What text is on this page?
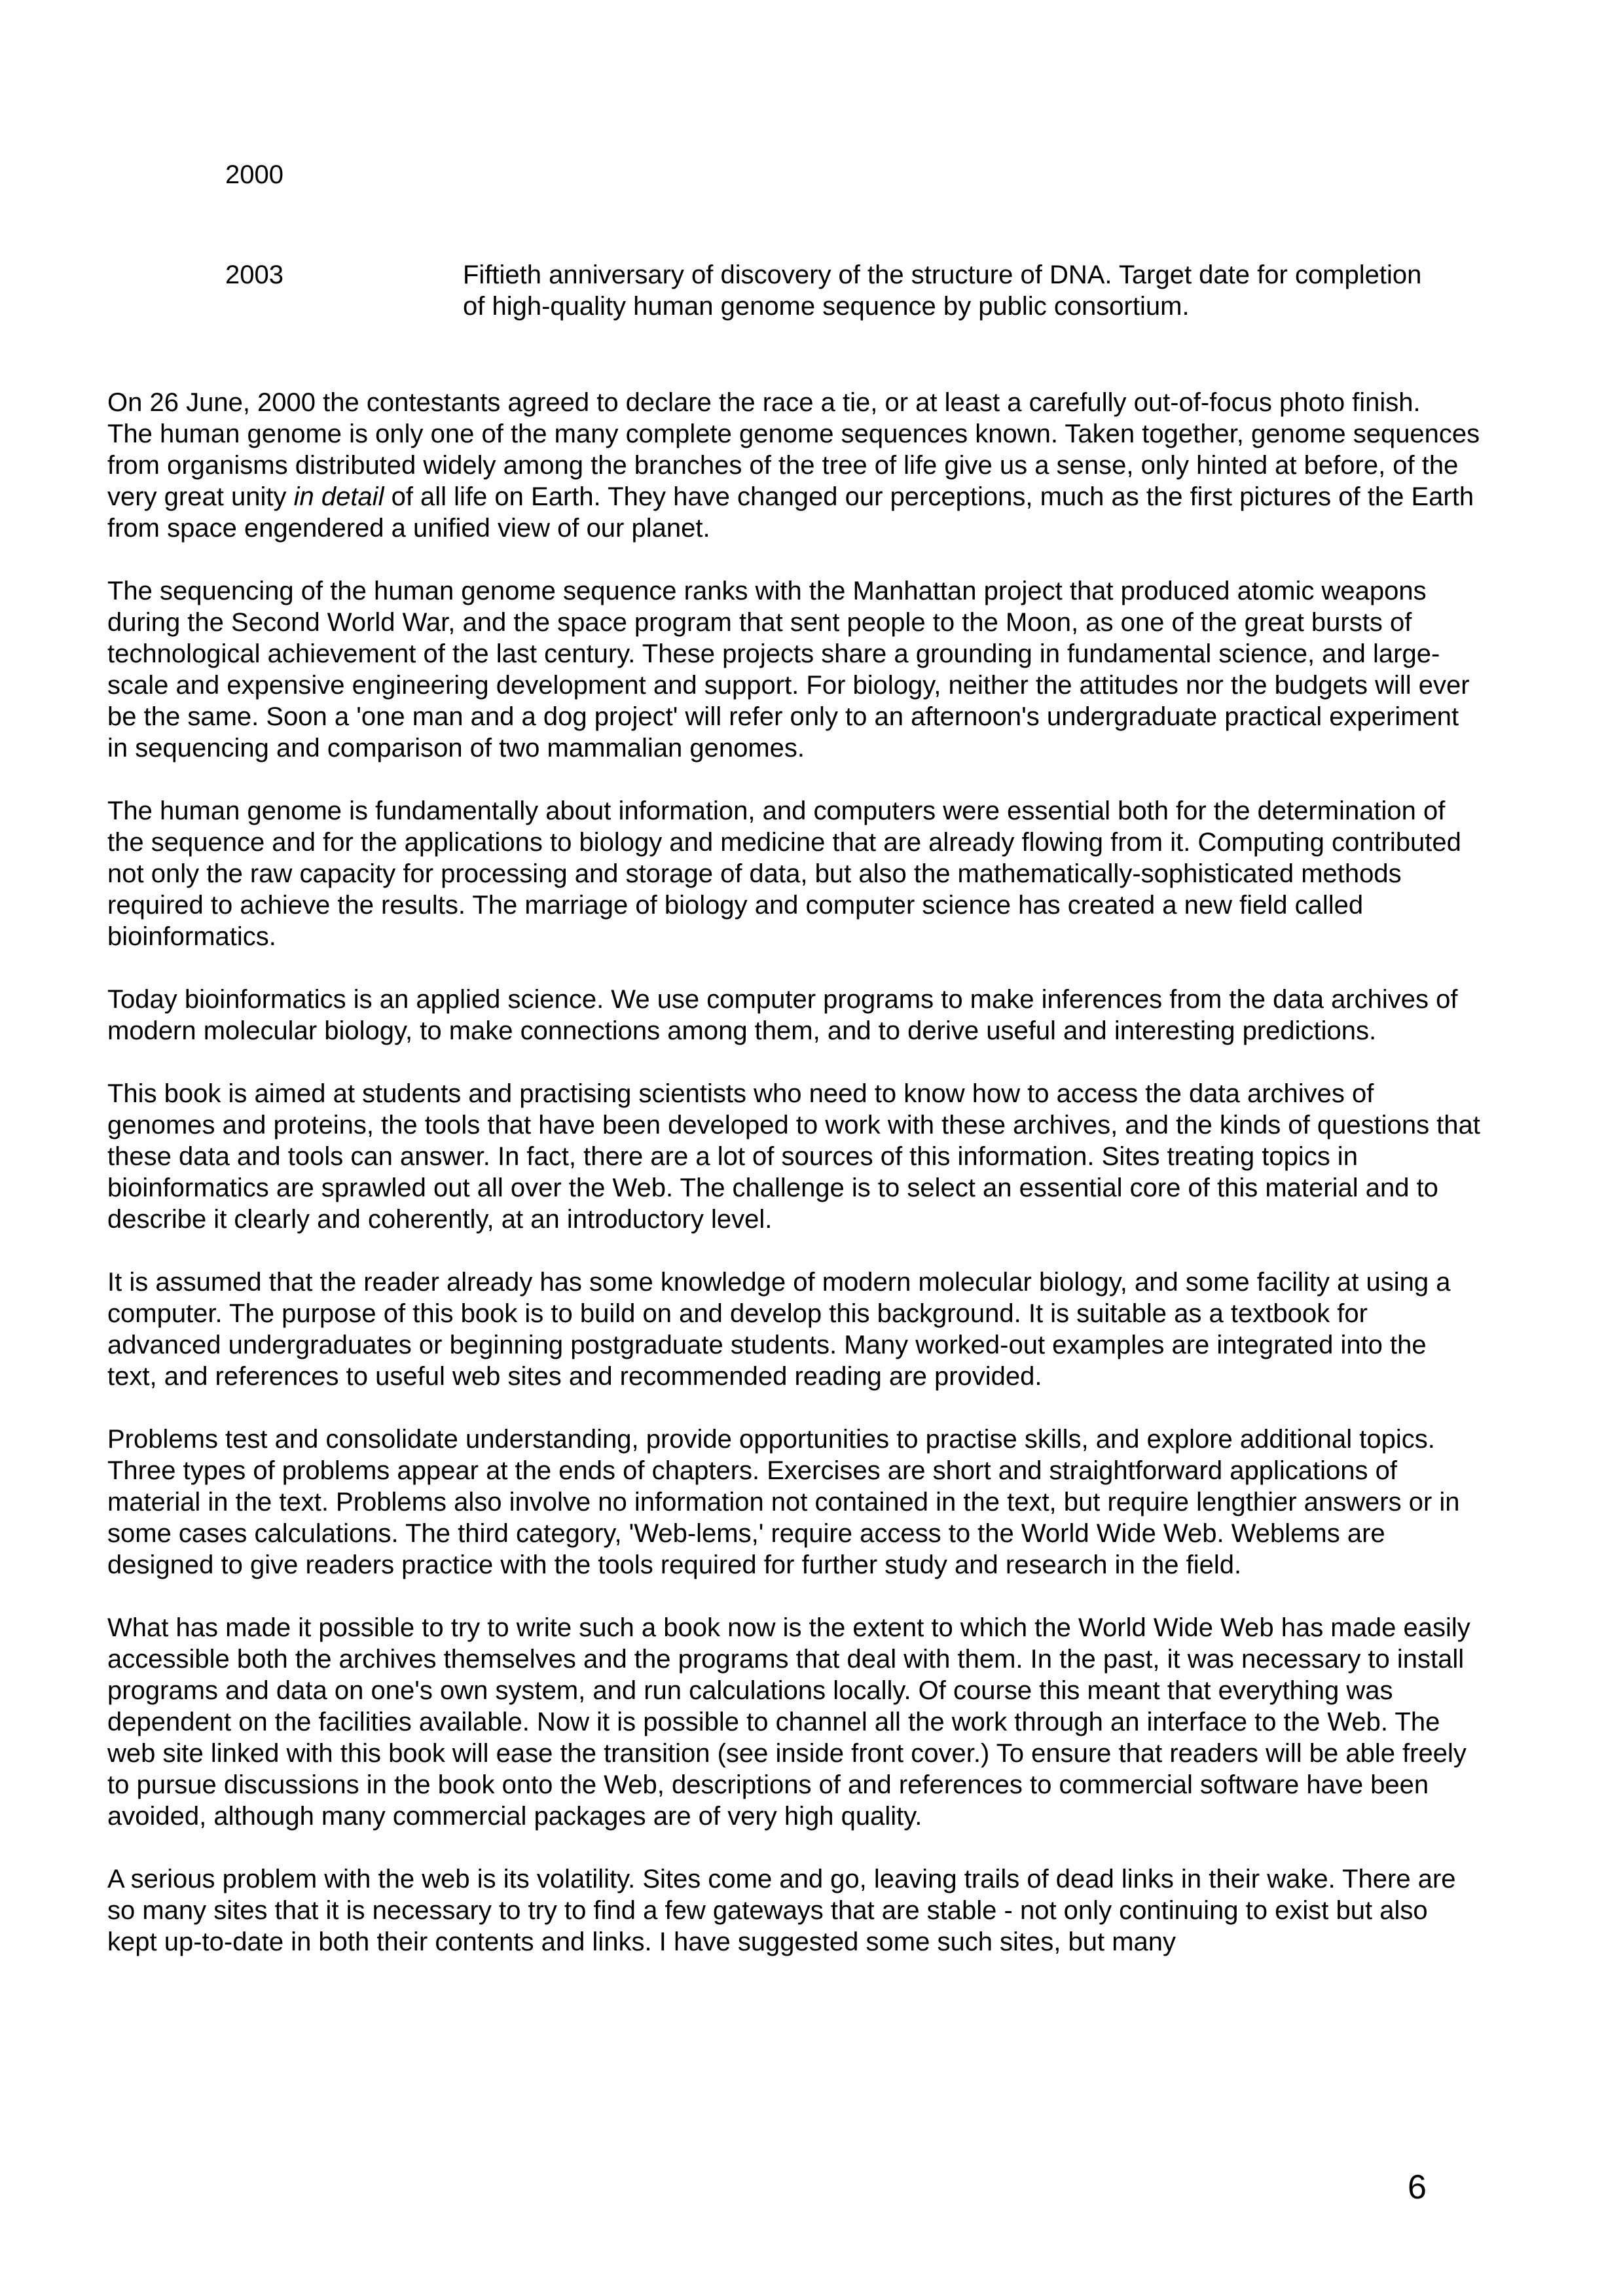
2000
2003	Fiftieth anniversary of discovery of the structure of DNA. Target date for completion of high-quality human genome sequence by public consortium.

On 26 June, 2000 the contestants agreed to declare the race a tie, or at least a carefully out-of-focus photo finish.

The human genome is only one of the many complete genome sequences known. Taken together, genome sequences from organisms distributed widely among the branches of the tree of life give us a sense, only hinted at before, of the very great unity in detail of all life on Earth. They have changed our perceptions, much as the first pictures of the Earth from space engendered a unified view of our planet.

The sequencing of the human genome sequence ranks with the Manhattan project that produced atomic weapons during the Second World War, and the space program that sent people to the Moon, as one of the great bursts of technological achievement of the last century. These projects share a grounding in fundamental science, and large-scale and expensive engineering development and support. For biology, neither the attitudes nor the budgets will ever be the same. Soon a 'one man and a dog project' will refer only to an afternoon's undergraduate practical experiment in sequencing and comparison of two mammalian genomes.

The human genome is fundamentally about information, and computers were essential both for the determination of the sequence and for the applications to biology and medicine that are already flowing from it. Computing contributed not only the raw capacity for processing and storage of data, but also the mathematically-sophisticated methods required to achieve the results. The marriage of biology and computer science has created a new field called bioinformatics.

Today bioinformatics is an applied science. We use computer programs to make inferences from the data archives of modern molecular biology, to make connections among them, and to derive useful and interesting predictions.

This book is aimed at students and practising scientists who need to know how to access the data archives of genomes and proteins, the tools that have been developed to work with these archives, and the kinds of questions that these data and tools can answer. In fact, there are a lot of sources of this information. Sites treating topics in bioinformatics are sprawled out all over the Web. The challenge is to select an essential core of this material and to describe it clearly and coherently, at an introductory level.

It is assumed that the reader already has some knowledge of modern molecular biology, and some facility at using a computer. The purpose of this book is to build on and develop this background. It is suitable as a textbook for advanced undergraduates or beginning postgraduate students. Many worked-out examples are integrated into the text, and references to useful web sites and recommended reading are provided.

Problems test and consolidate understanding, provide opportunities to practise skills, and explore additional topics. Three types of problems appear at the ends of chapters. Exercises are short and straightforward applications of material in the text. Problems also involve no information not contained in the text, but require lengthier answers or in some cases calculations. The third category, 'Web-lems,' require access to the World Wide Web. Weblems are designed to give readers practice with the tools required for further study and research in the field.

What has made it possible to try to write such a book now is the extent to which the World Wide Web has made easily accessible both the archives themselves and the programs that deal with them. In the past, it was necessary to install programs and data on one's own system, and run calculations locally. Of course this meant that everything was dependent on the facilities available. Now it is possible to channel all the work through an interface to the Web. The web site linked with this book will ease the transition (see inside front cover.) To ensure that readers will be able freely to pursue discussions in the book onto the Web, descriptions of and references to commercial software have been avoided, although many commercial packages are of very high quality.

A serious problem with the web is its volatility. Sites come and go, leaving trails of dead links in their wake. There are so many sites that it is necessary to try to find a few gateways that are stable - not only continuing to exist but also kept up-to-date in both their contents and links. I have suggested some such sites, but many

6
